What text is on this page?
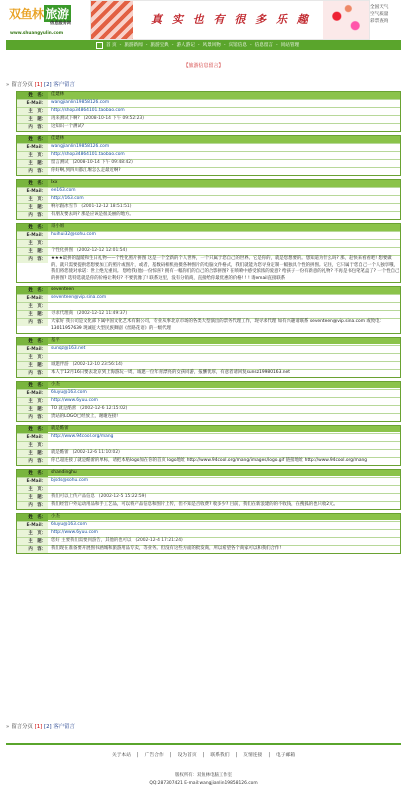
双鱼林 旅游
信息服务网
www.shuangyulin.com
真 实 也 有 很 多 乐 趣
全国天气
空气质量
彩票查询
首 页 - 旅游新闻 - 旅游宝典 - 游人游记 - 风景风物 - 宾馆信息 - 信息留言 - 同站管理
【旅游信息留言】
» 留言分页 [1] [2] 客户留言
姓　名：	佳建林
E-Mail：	wangjianlin19858126.com
主　页：	http://shop34864101.taobao.com
主　题：	再来测试下啊? (2008-10-14 下午 09:52:23)
内　容：	这知识一个测试?
姓　名：	佳建林
E-Mail：	wangjianlin19858126.com
主　页：	http://shop34864101.taobao.com
主　题：	留言测试 (2008-10-14 下午 09:48:42)
内　容：	你好啊,到四川都江堰怎么走最近啊?
姓　名：	lxx
E-Mail：	ee163.com
主　页：	http://163.com
主　题：	响尔跟冰雪节 (2001-12-12 18:51:51)
内　容：	有朋友要去吗? 那是应该是很美丽的地方。
姓　名：	哥小姐
E-Mail：	huihui32@sohu.com
主　页：
主　题：	个性化拼图 (2002-12-12 12:01:54)
内　容：	★★★最拼的温暖和生日礼物——个性化照片拼图 这是一个全新的个人世界，一个只属于您自己的世界。它是你的，就是您想要的。想知道为什么吗? 那，赶快来看看吧! 想要做的，就只需要提供您想要加工的照片或图片，或者，基数码相机拍摄各种图片的电脑文件格式，我们就能为您寻身定制一幅独具个性的拼图。记住，它只属于您自己一个人独享哦，我们将您使对承诺：世上绝无重同。 想给我(他)一份惊喜? 拥有一幅你们的自己的合影拼图? 在喷喷中感受浓浓的爱意? 给孩子一份有新意的礼物? 不再是书包笔笔盒了? 一个性自己的拼图? 选特选就是你的价格让利好? 不要犹豫了! 联系这里，没有分销商，直接给你最优惠的价格! ! ! 请email直接联系
姓　名：	seventeen
E-Mail：	seventeen@vip.sina.com
主　页：
主　题：	寻求代理商 (2002-12-12 11:49:37)
内　容：	大家好 我公司是文化部下属中国文化艺术有限公司，专业从事北京市场的各类大型演出的票务代理工作，现寻求代理 如有兴趣请联系 seventeen@vip.sina.com 或致电：13011957639 现诚征大型民族舞剧《丝路花语》的一级代理
姓　名：	基平
E-Mail：	sunqz@163.net
主　页：
主　题：	诚邀伴游 (2002-12-10 23:56:14)
内　容：	本人于12月16日要去北京到上海游玩一周，诚邀一位年青漂亮的女孩同游，报酬优厚，有意者请回复sunsz19980163.net
姓　名：	小杰
E-Mail：	6luyu@163.com
主　页：	http://www.6yuu.com
主　题：	TO 就是酷蕾 (2002-12-6 12:15:02)
内　容：	贵站的LOGO已经放上，谢谢连接!
姓　名：	就是酷蕾
E-Mail：	http://www.94cool.org/mang
主　页：
主　题：	就是酷蕾 (2002-12-6 11:10:02)
内　容：	你已超连接了就是酷蕾的单标，请把本贴logo加在你的首页 logo地址 http://www.94cool.org/mang/images/logo.gif 链接地址 http://www.94cool.org/mang
姓　名：	shandinghu
E-Mail：	bjsds@sohu.com
主　页：
主　题：	我们可以上传产品信息 (2002-12-5 15:22:59)
内　容：	我们经营户外运动用品和手工艺品，可以将产品信息和图片上传，但不知是否收费? 收多少? 目前，我们在新浪建的的不收钱，在搜狐的也只收2元。
姓　名：	小杰
E-Mail：	6luyu@163.com
主　页：	http://www.6yuu.com
主　题：	您好 主要我们需要到游告，其他的也可以 (2002-12-4 17:21:24)
内　容：	我们现在准备要开展图书涵城和旅游用品专卖，等业务。但没有这些方面的批发商，所以希望各个商家可以和我们合作!
» 留言分页 [1] [2] 客户留言
关于本站 | 广告合作 | 设为首页 | 联系我们 | 友情连接 | 电子邮箱
版权所有：双鱼林电脑工作室
QQ:287307421 E-mail:wangjianlin19858126.com
